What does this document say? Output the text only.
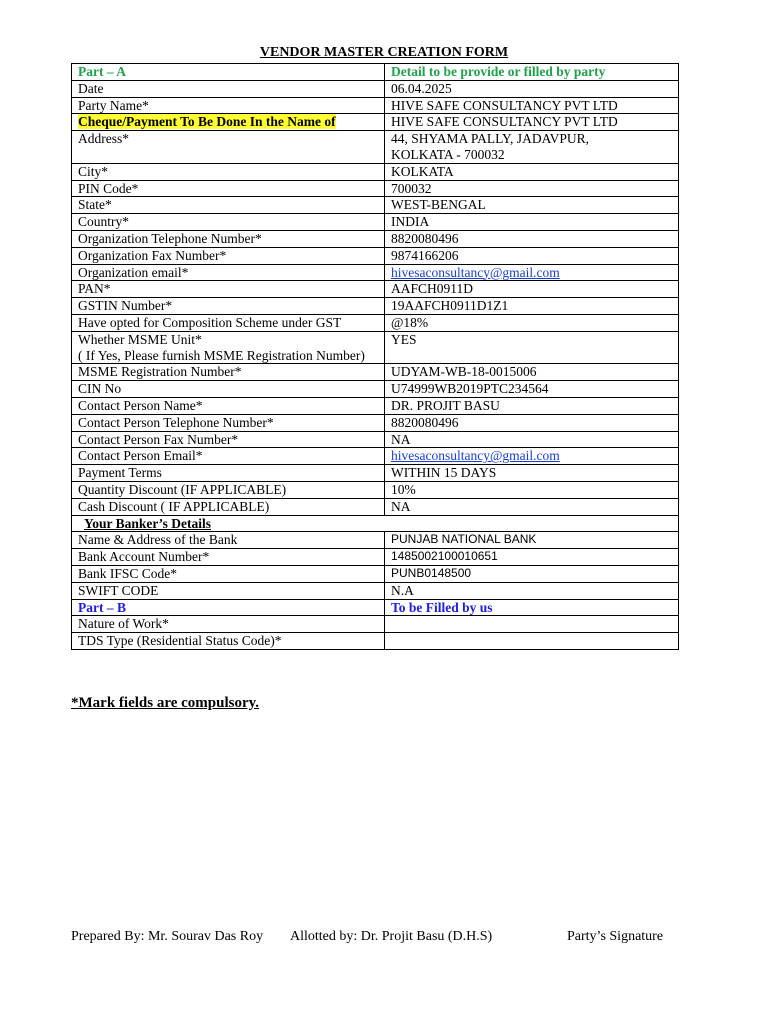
VENDOR MASTER CREATION FORM
Part – A	Detail to be provide or filled by party
Date	06.04.2025
Party Name*	HIVE SAFE CONSULTANCY PVT LTD
Cheque/Payment To Be Done In the Name of	HIVE SAFE CONSULTANCY PVT LTD
Address*	44, SHYAMA PALLY, JADAVPUR,
KOLKATA - 700032

City*	KOLKATA
PIN Code*	700032
State*	WEST-BENGAL
Country*	INDIA
Organization Telephone Number*	8820080496
Organization Fax Number*	9874166206
Organization email*	hivesaconsultancy@gmail.com
PAN*	AAFCH0911D
GSTIN Number*	19AAFCH0911D1Z1
Have opted for Composition Scheme under GST	@18%

Whether MSME Unit*
( If Yes, Please furnish MSME Registration Number)	YES
MSME Registration Number*	UDYAM-WB-18-0015006
CIN No	U74999WB2019PTC234564
Contact Person Name*	DR. PROJIT BASU
Contact Person Telephone Number*	8820080496
Contact Person Fax Number*	NA
Contact Person Email*	hivesaconsultancy@gmail.com
Payment Terms	WITHIN 15 DAYS
Quantity Discount (IF APPLICABLE)	10%
Cash Discount ( IF APPLICABLE)	NA
Your Banker’s Details	
Name & Address of the Bank	PUNJAB NATIONAL BANK
Bank Account Number*	1485002100010651
Bank IFSC Code*	PUNB0148500
SWIFT CODE	N.A
Part – B	To be Filled by us
Nature of Work*	
TDS Type (Residential Status Code)*	
*Mark fields are compulsory.
Prepared By: Mr. Sourav Das Roy Allotted by: Dr. Projit Basu (D.H.S)	Party’s Signature
